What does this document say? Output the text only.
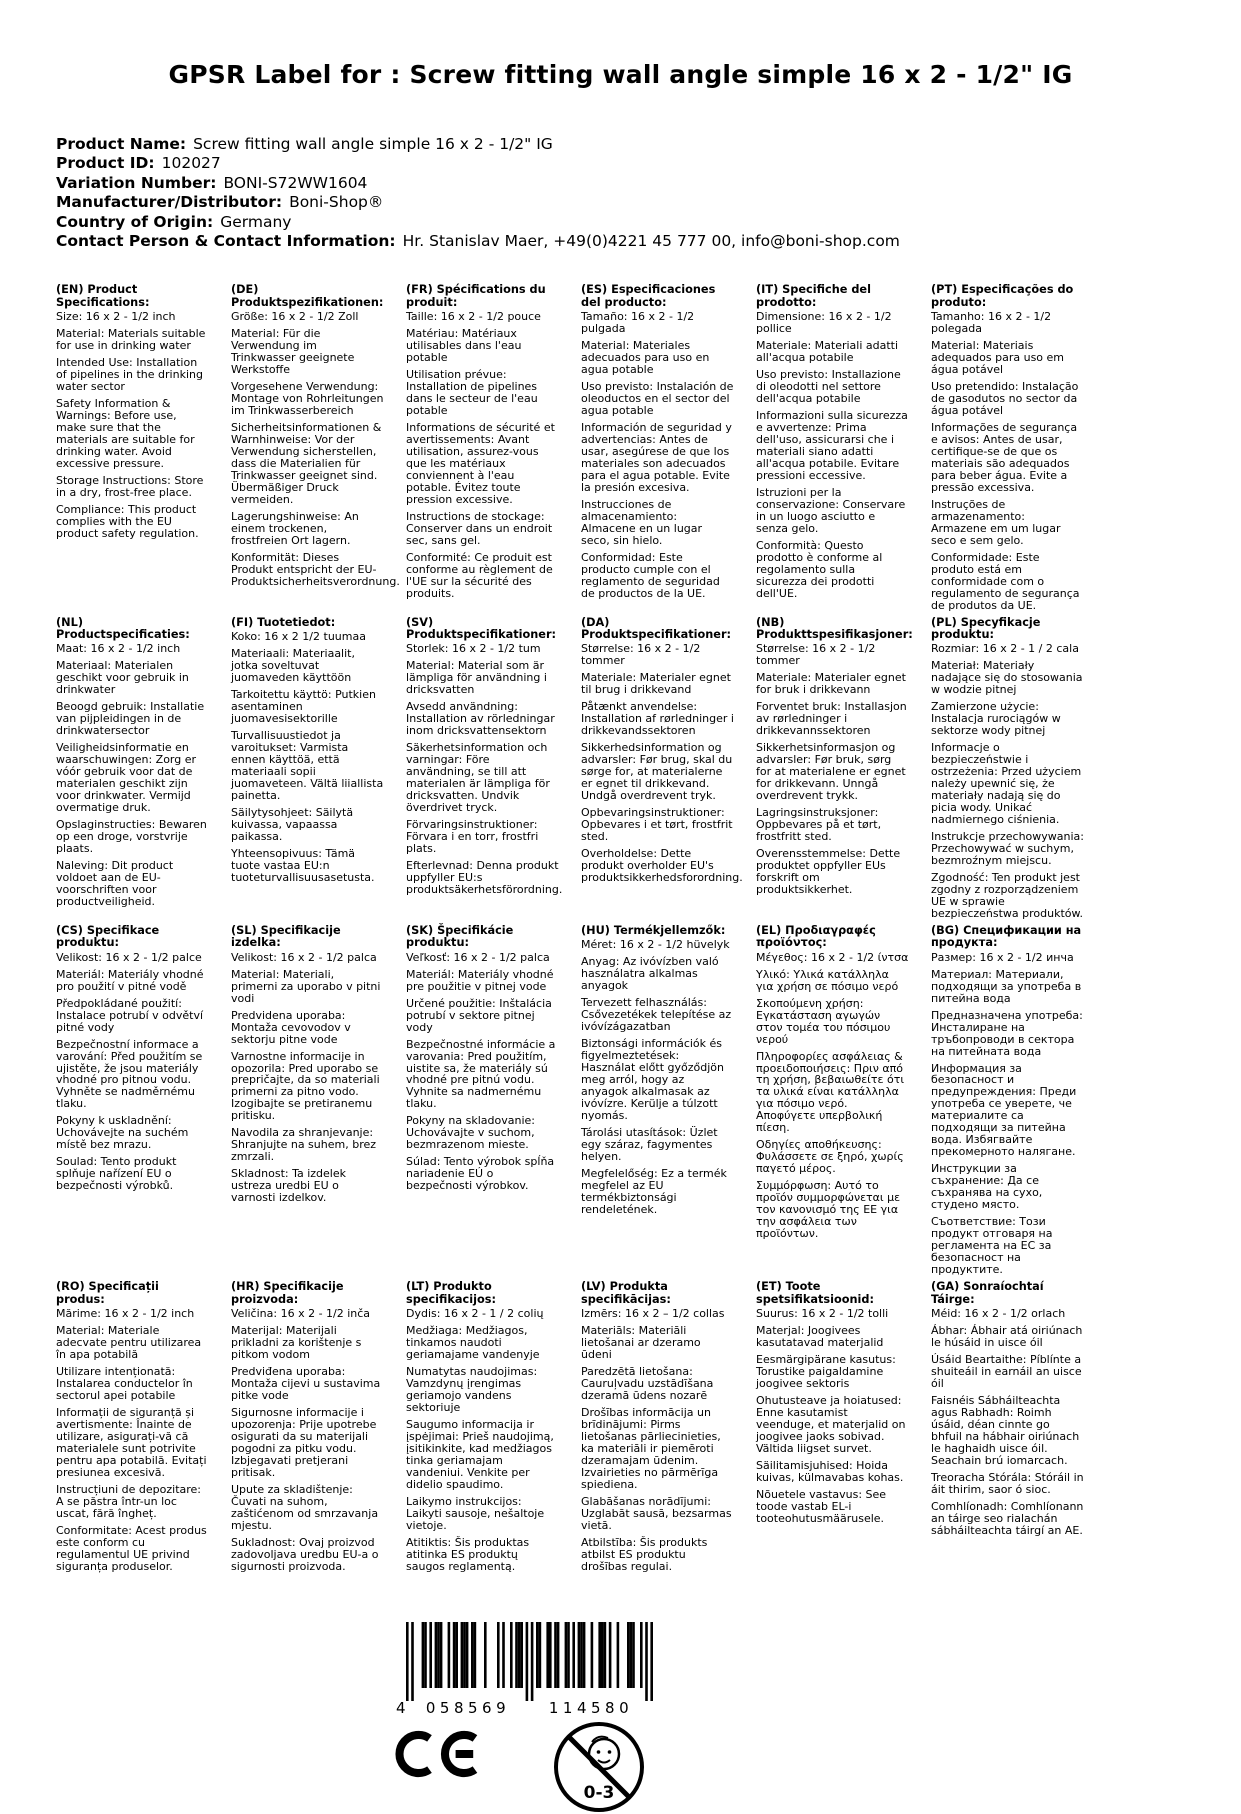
GPSR Label for : Screw fitting wall angle simple 16 x 2 - 1/2" IG
Product Name: Screw fitting wall angle simple 16 x 2 - 1/2" IG
Product ID: 102027
Variation Number: BONI-S72WW1604
Manufacturer/Distributor: Boni-Shop®
Country of Origin: Germany
Contact Person & Contact Information: Hr. Stanislav Maer, +49(0)4221 45 777 00, info@boni-shop.com
(EN) Product Specifications:
Size: 16 x 2 - 1/2 inch
Material: Materials suitable for use in drinking water
Intended Use: Installation of pipelines in the drinking water sector
Safety Information & Warnings: Before use, make sure that the materials are suitable for drinking water. Avoid excessive pressure.
Storage Instructions: Store in a dry, frost-free place.
Compliance: This product complies with the EU product safety regulation.
(DE) Produktspezifikationen:
Größe: 16 x 2 - 1/2 Zoll
Material: Für die Verwendung im Trinkwasser geeignete Werkstoffe
Vorgesehene Verwendung: Montage von Rohrleitungen im Trinkwasserbereich
Sicherheitsinformationen & Warnhinweise: Vor der Verwendung sicherstellen, dass die Materialien für Trinkwasser geeignet sind. Übermäßiger Druck vermeiden.
Lagerungshinweise: An einem trockenen, frostfreien Ort lagern.
Konformität: Dieses Produkt entspricht der EU-Produktsicherheitsverordnung.
(FR) Spécifications du produit:
Taille: 16 x 2 - 1/2 pouce
Matériau: Matériaux utilisables dans l'eau potable
Utilisation prévue: Installation de pipelines dans le secteur de l'eau potable
Informations de sécurité et avertissements: Avant utilisation, assurez-vous que les matériaux conviennent à l'eau potable. Évitez toute pression excessive.
Instructions de stockage: Conserver dans un endroit sec, sans gel.
Conformité: Ce produit est conforme au règlement de l'UE sur la sécurité des produits.
(ES) Especificaciones del producto:
Tamaño: 16 x 2 - 1/2 pulgada
Material: Materiales adecuados para uso en agua potable
Uso previsto: Instalación de oleoductos en el sector del agua potable
Información de seguridad y advertencias: Antes de usar, asegúrese de que los materiales son adecuados para el agua potable. Evite la presión excesiva.
Instrucciones de almacenamiento: Almacene en un lugar seco, sin hielo.
Conformidad: Este producto cumple con el reglamento de seguridad de productos de la UE.
(IT) Specifiche del prodotto:
Dimensione: 16 x 2 - 1/2 pollice
Materiale: Materiali adatti all'acqua potabile
Uso previsto: Installazione di oleodotti nel settore dell'acqua potabile
Informazioni sulla sicurezza e avvertenze: Prima dell'uso, assicurarsi che i materiali siano adatti all'acqua potabile. Evitare pressioni eccessive.
Istruzioni per la conservazione: Conservare in un luogo asciutto e senza gelo.
Conformità: Questo prodotto è conforme al regolamento sulla sicurezza dei prodotti dell'UE.
(PT) Especificações do produto:
Tamanho: 16 x 2 - 1/2 polegada
Material: Materiais adequados para uso em água potável
Uso pretendido: Instalação de gasodutos no sector da água potável
Informações de segurança e avisos: Antes de usar, certifique-se de que os materiais são adequados para beber água. Evite a pressão excessiva.
Instruções de armazenamento: Armazene em um lugar seco e sem gelo.
Conformidade: Este produto está em conformidade com o regulamento de segurança de produtos da UE.
(NL) Productspecificaties:
Maat: 16 x 2 - 1/2 inch
Materiaal: Materialen geschikt voor gebruik in drinkwater
Beoogd gebruik: Installatie van pijpleidingen in de drinkwatersector
Veiligheidsinformatie en waarschuwingen: Zorg er vóór gebruik voor dat de materialen geschikt zijn voor drinkwater. Vermijd overmatige druk.
Opslaginstructies: Bewaren op een droge, vorstvrije plaats.
Naleving: Dit product voldoet aan de EU-voorschriften voor productveiligheid.
(FI) Tuotetiedot:
Koko: 16 x 2 1/2 tuumaa
Materiaali: Materiaalit, jotka soveltuvat juomaveden käyttöön
Tarkoitettu käyttö: Putkien asentaminen juomavesisektorille
Turvallisuustiedot ja varoitukset: Varmista ennen käyttöä, että materiaali sopii juomaveteen. Vältä liiallista painetta.
Säilytysohjeet: Säilytä kuivassa, vapaassa paikassa.
Yhteensopivuus: Tämä tuote vastaa EU:n tuoteturvallisuusasetusta.
(SV) Produktspecifikationer:
Storlek: 16 x 2 - 1/2 tum
Material: Material som är lämpliga för användning i dricksvatten
Avsedd användning: Installation av rörledningar inom dricksvattensektorn
Säkerhetsinformation och varningar: Före användning, se till att materialen är lämpliga för dricksvatten. Undvik överdrivet tryck.
Förvaringsinstruktioner: Förvara i en torr, frostfri plats.
Efterlevnad: Denna produkt uppfyller EU:s produktsäkerhetsförordning.
(DA) Produktspecifikationer:
Størrelse: 16 x 2 - 1/2 tommer
Materiale: Materialer egnet til brug i drikkevand
Påtænkt anvendelse: Installation af rørledninger i drikkevandssektoren
Sikkerhedsinformation og advarsler: Før brug, skal du sørge for, at materialerne er egnet til drikkevand. Undgå overdrevent tryk.
Opbevaringsinstruktioner: Opbevares i et tørt, frostfrit sted.
Overholdelse: Dette produkt overholder EU's produktsikkerhedsforordning.
(NB) Produkttspesifikasjoner:
Størrelse: 16 x 2 - 1/2 tommer
Materiale: Materialer egnet for bruk i drikkevann
Forventet bruk: Installasjon av rørledninger i drikkevannssektoren
Sikkerhetsinformasjon og advarsler: Før bruk, sørg for at materialene er egnet for drikkevann. Unngå overdrevent trykk.
Lagringsinstruksjoner: Oppbevares på et tørt, frostfritt sted.
Overensstemmelse: Dette produktet oppfyller EUs forskrift om produktsikkerhet.
(PL) Specyfikacje produktu:
Rozmiar: 16 x 2 - 1 / 2 cala
Materiał: Materiały nadające się do stosowania w wodzie pitnej
Zamierzone użycie: Instalacja rurociągów w sektorze wody pitnej
Informacje o bezpieczeństwie i ostrzeżenia: Przed użyciem należy upewnić się, że materiały nadają się do picia wody. Unikać nadmiernego ciśnienia.
Instrukcje przechowywania: Przechowywać w suchym, bezmroźnym miejscu.
Zgodność: Ten produkt jest zgodny z rozporządzeniem UE w sprawie bezpieczeństwa produktów.
(CS) Specifikace produktu:
Velikost: 16 x 2 - 1/2 palce
Materiál: Materiály vhodné pro použití v pitné vodě
Předpokládané použití: Instalace potrubí v odvětví pitné vody
Bezpečnostní informace a varování: Před použitím se ujistěte, že jsou materiály vhodné pro pitnou vodu. Vyhněte se nadměrnému tlaku.
Pokyny k uskladnění: Uchovávejte na suchém místě bez mrazu.
Soulad: Tento produkt splňuje nařízení EU o bezpečnosti výrobků.
(SL) Specifikacije izdelka:
Velikost: 16 x 2 - 1/2 palca
Material: Materiali, primerni za uporabo v pitni vodi
Predvidena uporaba: Montaža cevovodov v sektorju pitne vode
Varnostne informacije in opozorila: Pred uporabo se prepričajte, da so materiali primerni za pitno vodo. Izogibajte se pretiranemu pritisku.
Navodila za shranjevanje: Shranjujte na suhem, brez zmrzali.
Skladnost: Ta izdelek ustreza uredbi EU o varnosti izdelkov.
(SK) Špecifikácie produktu:
Veľkosť: 16 x 2 - 1/2 palca
Materiál: Materiály vhodné pre použitie v pitnej vode
Určené použitie: Inštalácia potrubí v sektore pitnej vody
Bezpečnostné informácie a varovania: Pred použitím, uistite sa, že materiály sú vhodné pre pitnú vodu. Vyhnite sa nadmernému tlaku.
Pokyny na skladovanie: Uchovávajte v suchom, bezmrazenom mieste.
Súlad: Tento výrobok spĺňa nariadenie EÚ o bezpečnosti výrobkov.
(HU) Termékjellemzők:
Méret: 16 x 2 - 1/2 hüvelyk
Anyag: Az ivóvízben való használatra alkalmas anyagok
Tervezett felhasználás: Csővezetékek telepítése az ivóvízágazatban
Biztonsági információk és figyelmeztetések: Használat előtt győződjön meg arról, hogy az anyagok alkalmasak az ivóvízre. Kerülje a túlzott nyomás.
Tárolási utasítások: Üzlet egy száraz, fagymentes helyen.
Megfelelőség: Ez a termék megfelel az EU termékbiztonsági rendeletének.
(EL) Προδιαγραφές προϊόντος:
Μέγεθος: 16 x 2 - 1/2 ίντσα
Υλικό: Υλικά κατάλληλα για χρήση σε πόσιμο νερό
Σκοπούμενη χρήση: Εγκατάσταση αγωγών στον τομέα του πόσιμου νερού
Πληροφορίες ασφάλειας & προειδοποιήσεις: Πριν από τη χρήση, βεβαιωθείτε ότι τα υλικά είναι κατάλληλα για πόσιμο νερό. Αποφύγετε υπερβολική πίεση.
Οδηγίες αποθήκευσης: Φυλάσσετε σε ξηρό, χωρίς παγετό μέρος.
Συμμόρφωση: Αυτό το προϊόν συμμορφώνεται με τον κανονισμό της ΕΕ για την ασφάλεια των προϊόντων.
(BG) Спецификации на продукта:
Размер: 16 x 2 - 1/2 инча
Материал: Материали, подходящи за употреба в питейна вода
Предназначена употреба: Инсталиране на тръбопроводи в сектора на питейната вода
Информация за безопасност и предупреждения: Преди употреба се уверете, че материалите са подходящи за питейна вода. Избягвайте прекомерното налягане.
Инструкции за съхранение: Да се съхранява на сухо, студено място.
Съответствие: Този продукт отговаря на регламента на ЕС за безопасност на продуктите.
(RO) Specificații produs:
Mărime: 16 x 2 - 1/2 inch
Material: Materiale adecvate pentru utilizarea în apa potabilă
Utilizare intenționată: Instalarea conductelor în sectorul apei potabile
Informații de siguranță și avertismente: Înainte de utilizare, asigurați-vă că materialele sunt potrivite pentru apa potabilă. Evitați presiunea excesivă.
Instrucțiuni de depozitare: A se păstra într-un loc uscat, fără îngheț.
Conformitate: Acest produs este conform cu regulamentul UE privind siguranța produselor.
(HR) Specifikacije proizvoda:
Veličina: 16 x 2 - 1/2 inča
Materijal: Materijali prikladni za korištenje s pitkom vodom
Predviđena uporaba: Montaža cijevi u sustavima pitke vode
Sigurnosne informacije i upozorenja: Prije upotrebe osigurati da su materijali pogodni za pitku vodu. Izbjegavati pretjerani pritisak.
Upute za skladištenje: Čuvati na suhom, zaštićenom od smrzavanja mjestu.
Sukladnost: Ovaj proizvod zadovoljava uredbu EU-a o sigurnosti proizvoda.
(LT) Produkto specifikacijos:
Dydis: 16 x 2 - 1 / 2 colių
Medžiaga: Medžiagos, tinkamos naudoti geriamajame vandenyje
Numatytas naudojimas: Vamzdynų įrengimas geriamojo vandens sektoriuje
Saugumo informacija ir įspėjimai: Prieš naudojimą, įsitikinkite, kad medžiagos tinka geriamajam vandeniui. Venkite per didelio spaudimo.
Laikymo instrukcijos: Laikyti sausoje, nešaltoje vietoje.
Atitiktis: Šis produktas atitinka ES produktų saugos reglamentą.
(LV) Produkta specifikācijas:
Izmērs: 16 x 2 – 1/2 collas
Materiāls: Materiāli lietošanai ar dzeramo ūdeni
Paredzētā lietošana: Cauruļvadu uzstādīšana dzeramā ūdens nozarē
Drošības informācija un brīdinājumi: Pirms lietošanas pārliecinieties, ka materiāli ir piemēroti dzeramajam ūdenim. Izvairieties no pārmērīga spiediena.
Glabāšanas norādījumi: Uzglabāt sausā, bezsarmas vietā.
Atbilstība: Šis produkts atbilst ES produktu drošības regulai.
(ET) Toote spetsifikatsioonid:
Suurus: 16 x 2 - 1/2 tolli
Materjal: Joogivees kasutatavad materjalid
Eesmärgipärane kasutus: Torustike paigaldamine joogivee sektoris
Ohutusteave ja hoiatused: Enne kasutamist veenduge, et materjalid on joogivee jaoks sobivad. Vältida liigset survet.
Säilitamisjuhised: Hoida kuivas, külmavabas kohas.
Nõuetele vastavus: See toode vastab EL-i tooteohutusmäärusele.
(GA) Sonraíochtaí Táirge:
Méid: 16 x 2 - 1/2 orlach
Ábhar: Ábhair atá oiriúnach le húsáid in uisce óil
Úsáid Beartaithe: Píblínte a shuiteáil in earnáil an uisce óil
Faisnéis Sábháilteachta agus Rabhadh: Roimh úsáid, déan cinnte go bhfuil na hábhair oiriúnach le haghaidh uisce óil. Seachain brú iomarcach.
Treoracha Stórála: Stóráil in áit thirim, saor ó sioc.
Comhlíonadh: Comhlíonann an táirge seo rialachán sábháilteachta táirgí an AE.
4 058569	114580
0-3
